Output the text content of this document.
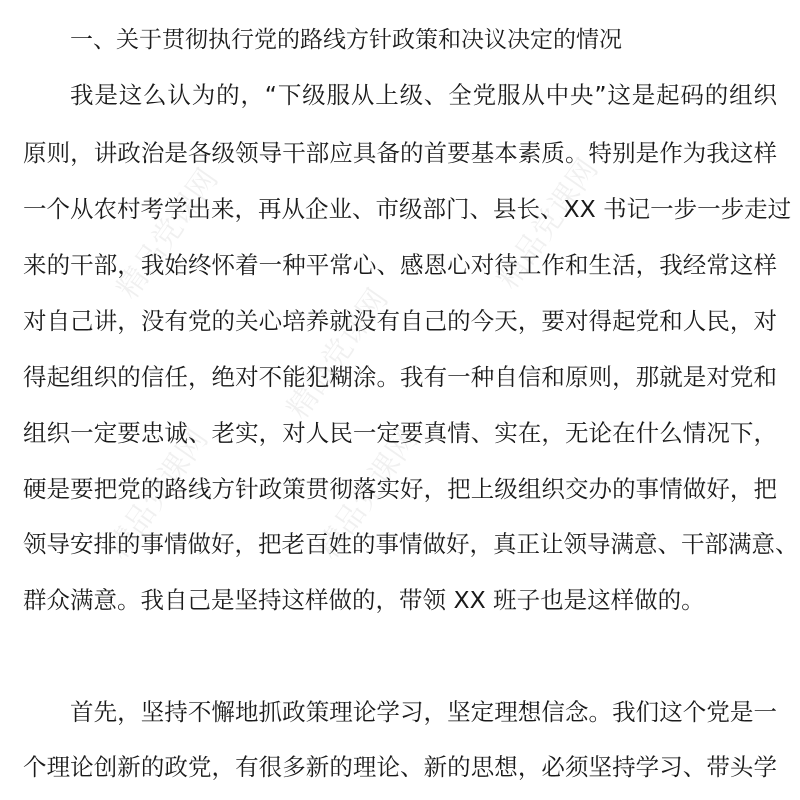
精品党课网	精品党课网
精品党课网
精品党课网	精品党课网
一、关于贯彻执行党的路线方针政策和决议决定的情况
我是这么认为的，“下级服从上级、全党服从中央”这是起码的组织
原则，讲政治是各级领导干部应具备的首要基本素质。特别是作为我这样
一个从农村考学出来，再从企业、市级部门、县长、XX 书记一步一步走过
来的干部，我始终怀着一种平常心、感恩心对待工作和生活，我经常这样
对自己讲，没有党的关心培养就没有自己的今天，要对得起党和人民，对
得起组织的信任，绝对不能犯糊涂。我有一种自信和原则，那就是对党和
组织一定要忠诚、老实，对人民一定要真情、实在，无论在什么情况下，
硬是要把党的路线方针政策贯彻落实好，把上级组织交办的事情做好，把
领导安排的事情做好，把老百姓的事情做好，真正让领导满意、干部满意、
群众满意。我自己是坚持这样做的，带领 XX 班子也是这样做的。
首先，坚持不懈地抓政策理论学习，坚定理想信念。我们这个党是一
个理论创新的政党，有很多新的理论、新的思想，必须坚持学习、带头学
